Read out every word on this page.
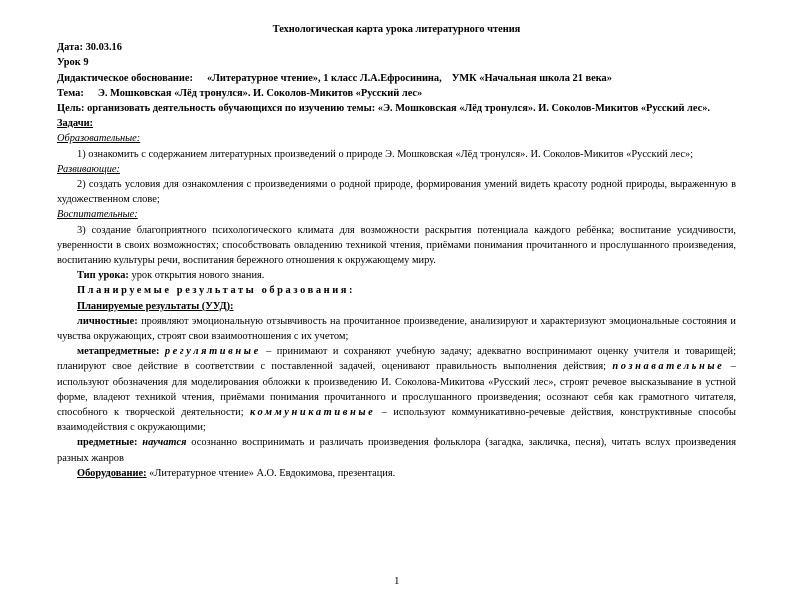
Технологическая карта урока литературного чтения

Дата: 30.03.16

Урок 9

Дидактическое обоснование: «Литературное чтение», 1 класс Л.А.Ефросинина, УМК «Начальная школа 21 века»

Тема: Э. Мошковская «Лёд тронулся». И. Соколов-Микитов «Русский лес»

Цель: организовать деятельность обучающихся по изучению темы: «Э. Мошковская «Лёд тронулся». И. Соколов-Микитов «Русский лес».

Задачи:

Образовательные:

1) ознакомить с содержанием литературных произведений о природе Э. Мошковская «Лёд тронулся». И. Соколов-Микитов «Русский лес»;

Развивающие:

2) создать условия для ознакомления с произведениями о родной природе, формирования умений видеть красоту родной природы, выраженную в художественном слове;

Воспитательные:

3) создание благоприятного психологического климата для возможности раскрытия потенциала каждого ребёнка; воспитание усидчивости, уверенности в своих возможностях; способствовать овладению техникой чтения, приёмами понимания прочитанного и прослушанного произведения, воспитанию культуры речи, воспитания бережного отношения к окружающему миру.

Тип урока: урок открытия нового знания.

Планируемые результаты образования:

Планируемые результаты (УУД):

личностные: проявляют эмоциональную отзывчивость на прочитанное произведение, анализируют и характеризуют эмоциональные состояния и чувства окружающих, строят свои взаимоотношения с их учетом;

метапредметные: регулятивные – принимают и сохраняют учебную задачу; адекватно воспринимают оценку учителя и товарищей; планируют свое действие в соответствии с поставленной задачей, оценивают правильность выполнения действия; познавательные – используют обозначения для моделирования обложки к произведению И. Соколова-Микитова «Русский лес», строят речевое высказывание в устной форме, владеют техникой чтения, приёмами понимания прочитанного и прослушанного произведения; осознают себя как грамотного читателя, способного к творческой деятельности; коммуникативные – используют коммуникативно-речевые действия, конструктивные способы взаимодействия с окружающими;

предметные: научатся осознанно воспринимать и различать произведения фольклора (загадка, закличка, песня), читать вслух произведения разных жанров

Оборудование: «Литературное чтение» А.О. Евдокимова, презентация.

1
